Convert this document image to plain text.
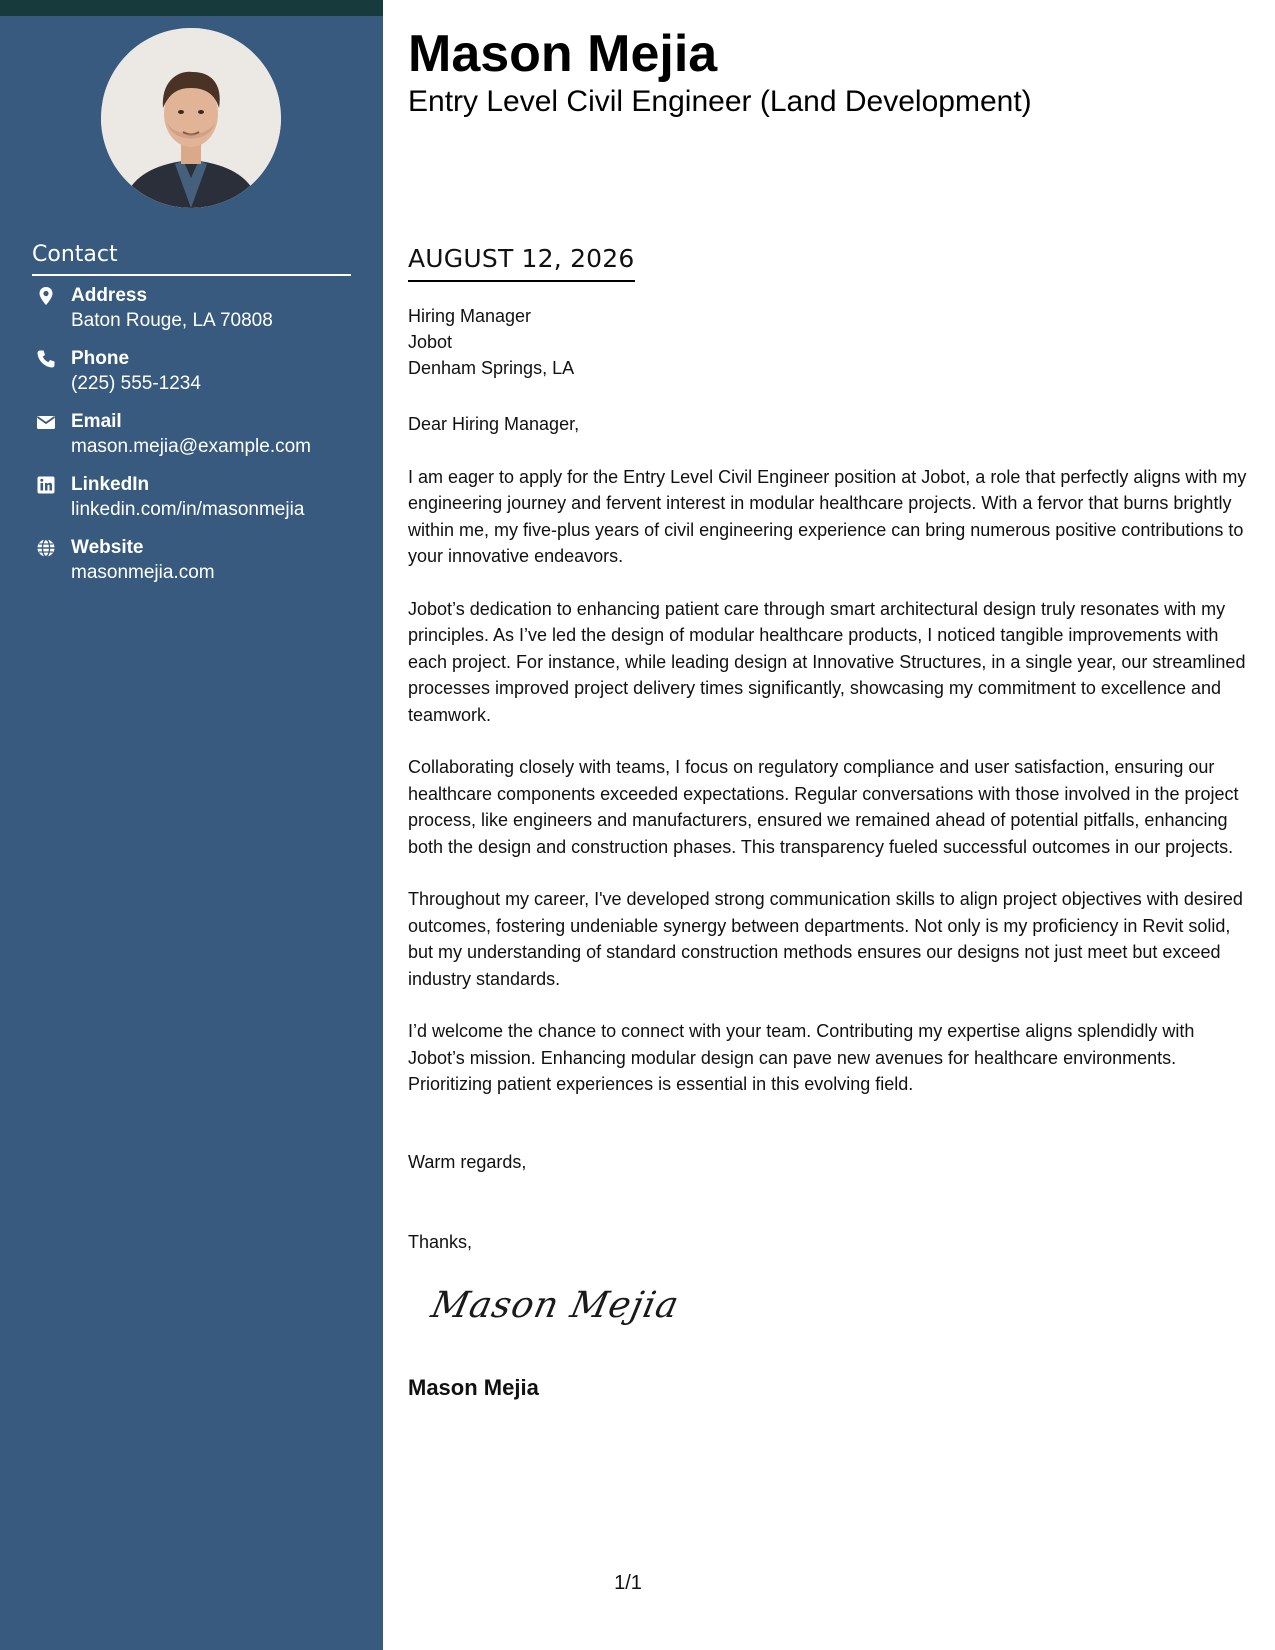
Contact
Address
Baton Rouge, LA 70808
Phone
(225) 555-1234
Email
mason.mejia@example.com
LinkedIn
linkedin.com/in/masonmejia
Website
masonmejia.com
Mason Mejia
Entry Level Civil Engineer (Land Development)
AUGUST 12, 2026
Hiring Manager
Jobot
Denham Springs, LA

Dear Hiring Manager,

I am eager to apply for the Entry Level Civil Engineer position at Jobot, a role that perfectly aligns with my engineering journey and fervent interest in modular healthcare projects. With a fervor that burns brightly within me, my five-plus years of civil engineering experience can bring numerous positive contributions to your innovative endeavors.

Jobot’s dedication to enhancing patient care through smart architectural design truly resonates with my principles. As I’ve led the design of modular healthcare products, I noticed tangible improvements with each project. For instance, while leading design at Innovative Structures, in a single year, our streamlined processes improved project delivery times significantly, showcasing my commitment to excellence and teamwork.

Collaborating closely with teams, I focus on regulatory compliance and user satisfaction, ensuring our healthcare components exceeded expectations. Regular conversations with those involved in the project process, like engineers and manufacturers, ensured we remained ahead of potential pitfalls, enhancing both the design and construction phases. This transparency fueled successful outcomes in our projects.

Throughout my career, I've developed strong communication skills to align project objectives with desired outcomes, fostering undeniable synergy between departments. Not only is my proficiency in Revit solid, but my understanding of standard construction methods ensures our designs not just meet but exceed industry standards.

I’d welcome the chance to connect with your team. Contributing my expertise aligns splendidly with Jobot’s mission. Enhancing modular design can pave new avenues for healthcare environments. Prioritizing patient experiences is essential in this evolving field.

Warm regards,
Thanks,
Mason Mejia
Mason Mejia
1/1
